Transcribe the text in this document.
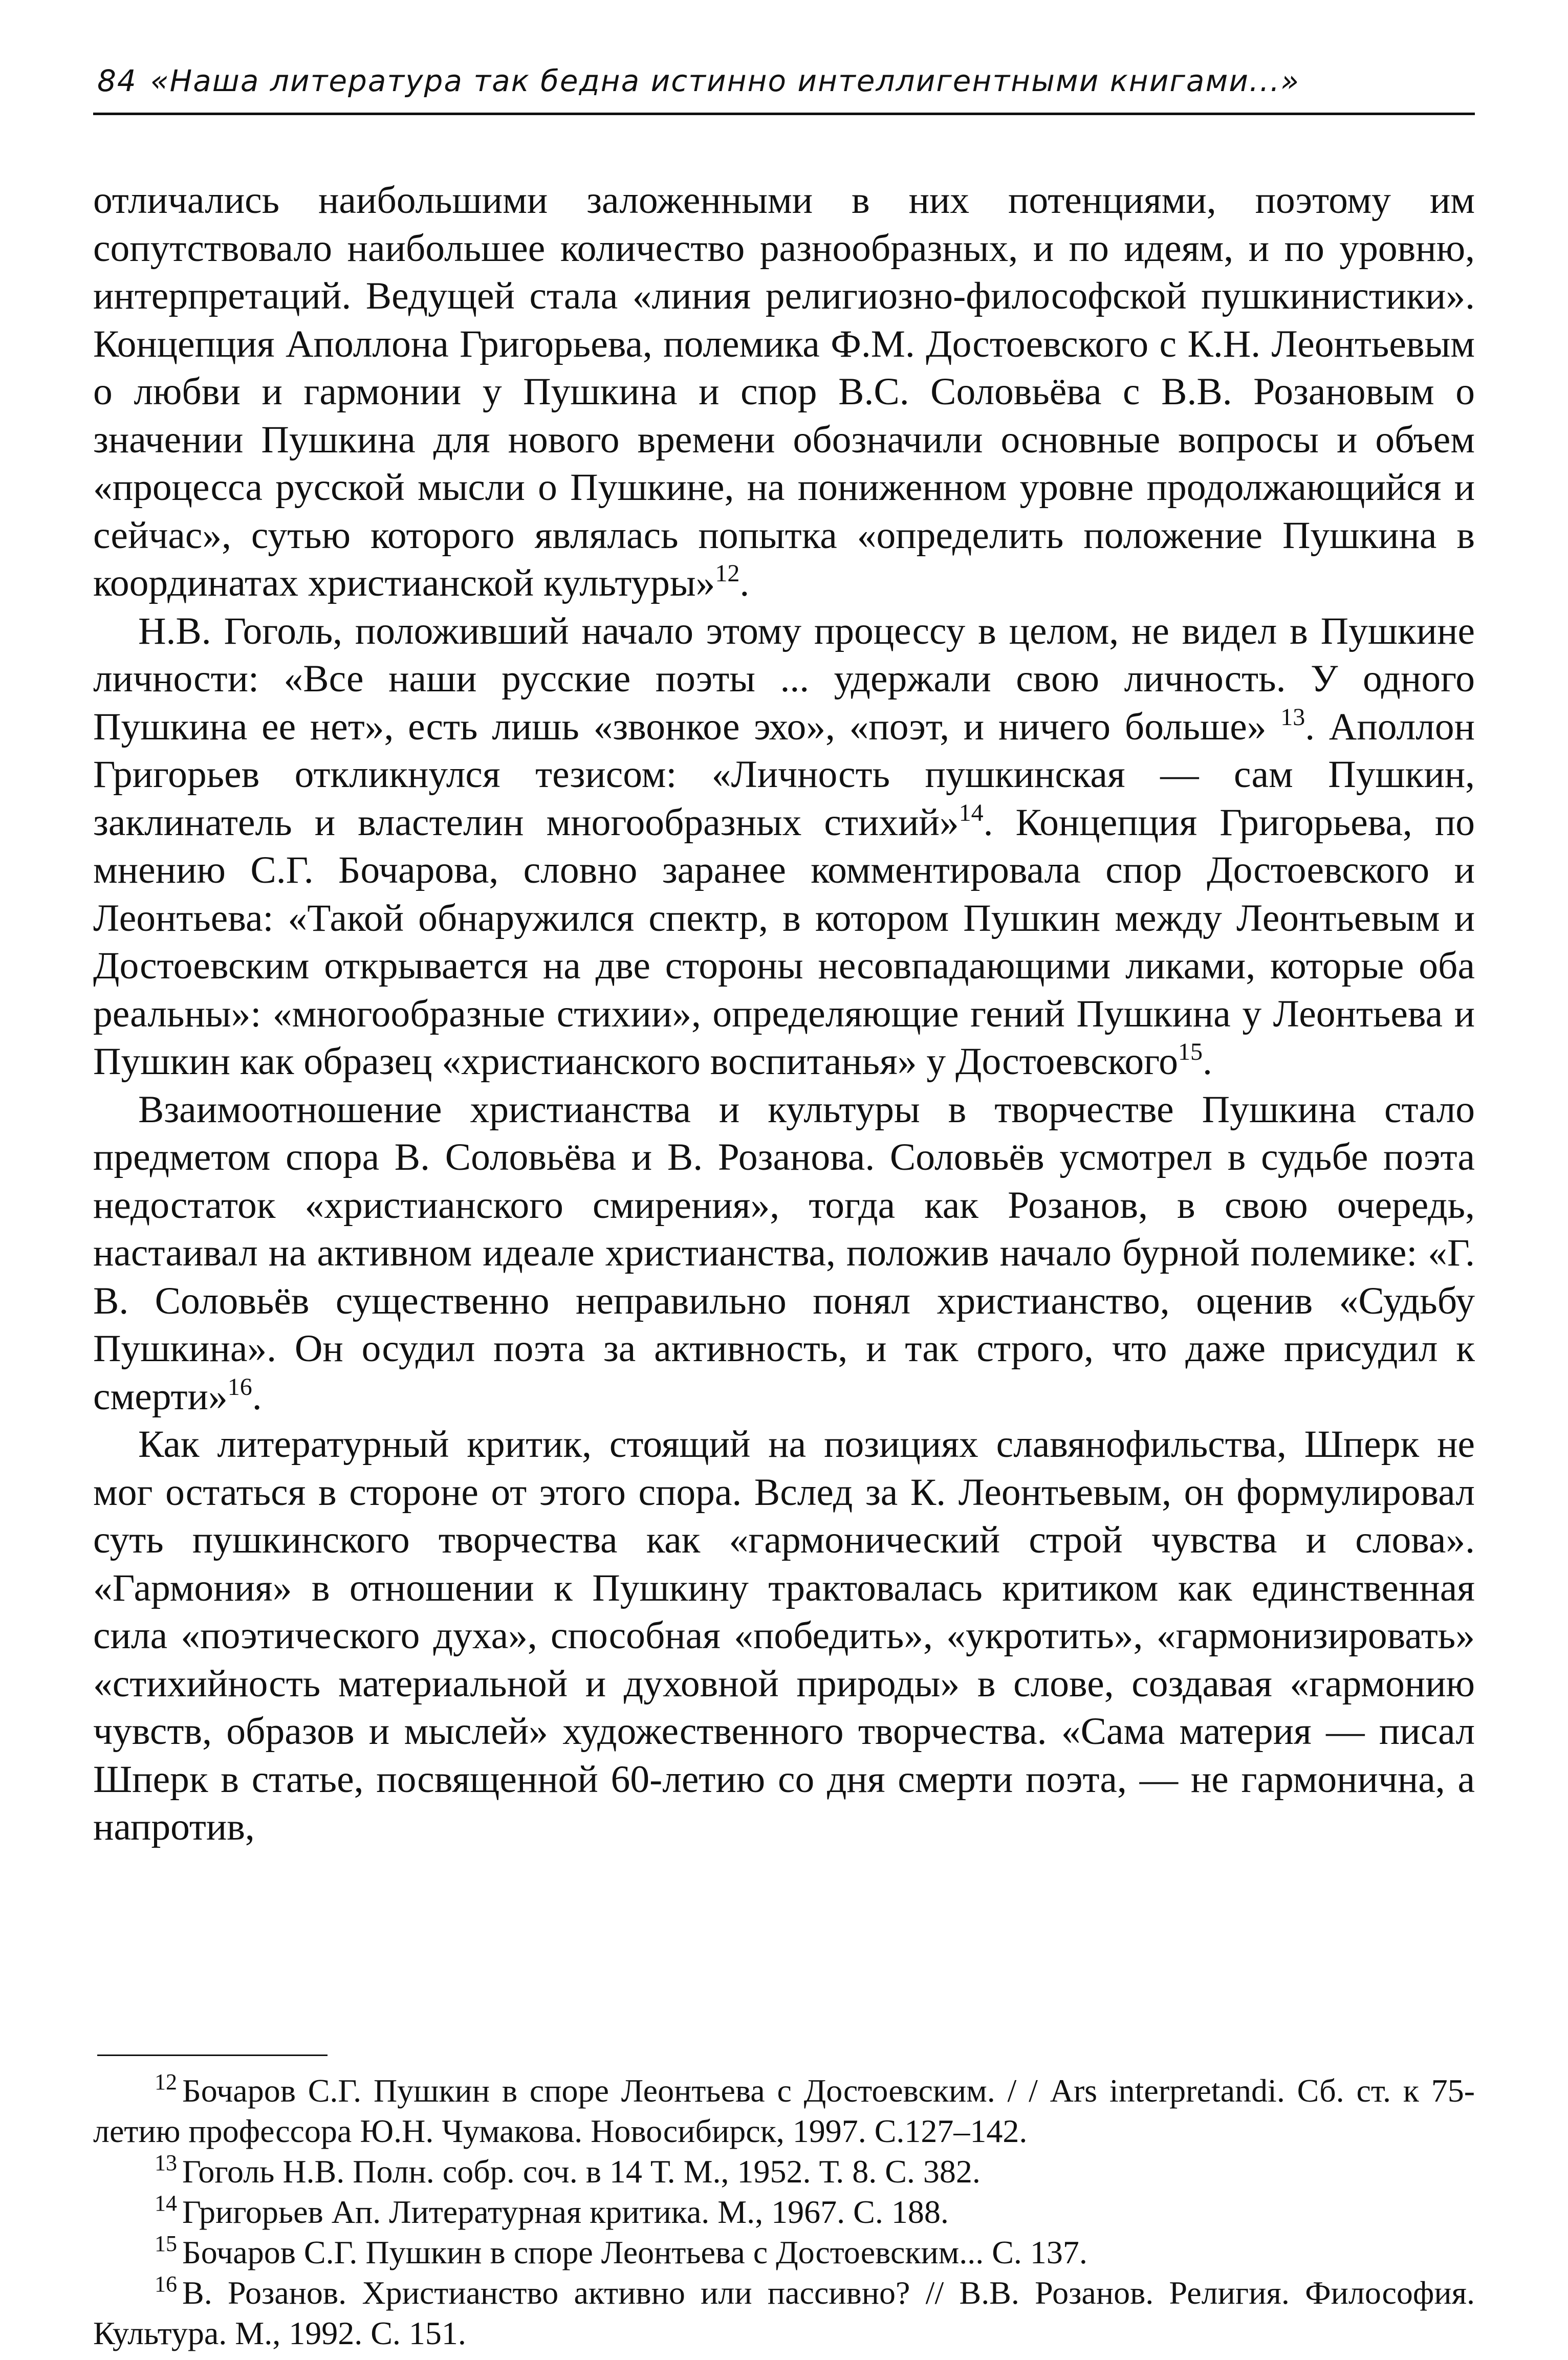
84 «Наша литература так бедна истинно интеллигентными книгами...»

отличались наибольшими заложенными в них потенциями, поэтому им сопутствовало наибольшее количество разнообразных, и по идеям, и по уровню, интерпретаций. Ведущей стала «линия религиозно-философской пушкинистики». Концепция Аполлона Григорьева, полемика Ф.М. Достоевского с К.Н. Леонтьевым о любви и гармонии у Пушкина и спор В.С. Соловьёва с В.В. Розановым о значении Пушкина для нового времени обозначили основные вопросы и объем «процесса русской мысли о Пушкине, на пониженном уровне продолжающийся и сейчас», сутью которого являлась попытка «определить положение Пушкина в координатах христианской культуры»$^{12}$.

Н.В. Гоголь, положивший начало этому процессу в целом, не видел в Пушкине личности: «Все наши русские поэты ... удержали свою личность. У одного Пушкина ее нет», есть лишь «звонкое эхо», «поэт, и ничего больше» $^{13}$. Аполлон Григорьев откликнулся тезисом: «Личность пушкинская — сам Пушкин, заклинатель и властелин многообразных стихий»$^{14}$. Концепция Григорьева, по мнению С.Г. Бочарова, словно заранее комментировала спор Достоевского и Леонтьева: «Такой обнаружился спектр, в котором Пушкин между Леонтьевым и Достоевским открывается на две стороны несовпадающими ликами, которые оба реальны»: «многообразные стихии», определяющие гений Пушкина у Леонтьева и Пушкин как образец «христианского воспитанья» у Достоевского$^{15}$.

Взаимоотношение христианства и культуры в творчестве Пушкина стало предметом спора В. Соловьёва и В. Розанова. Соловьёв усмотрел в судьбе поэта недостаток «христианского смирения», тогда как Розанов, в свою очередь, настаивал на активном идеале христианства, положив начало бурной полемике: «Г. В. Соловьёв существенно неправильно понял христианство, оценив «Судьбу Пушкина». Он осудил поэта за активность, и так строго, что даже присудил к смерти»$^{16}$.

Как литературный критик, стоящий на позициях славянофильства, Шперк не мог остаться в стороне от этого спора. Вслед за К. Леонтьевым, он формулировал суть пушкинского творчества как «гармонический строй чувства и слова». «Гармония» в отношении к Пушкину трактовалась критиком как единственная сила «поэтического духа», способная «победить», «укротить», «гармонизировать» «стихийность материальной и духовной природы» в слове, создавая «гармонию чувств, образов и мыслей» художественного творчества. «Сама материя — писал Шперк в статье, посвященной 60-летию со дня смерти поэта, — не гармонична, а напротив,

$^{12}$ Бочаров С.Г. Пушкин в споре Леонтьева с Достоевским. / / Ars interpretandi. Сб. ст. к 75-летию профессора Ю.Н. Чумакова. Новосибирск, 1997. С.127–142.

$^{13}$ Гоголь Н.В. Полн. собр. соч. в 14 Т. М., 1952. Т. 8. С. 382.

$^{14}$ Григорьев Ап. Литературная критика. М., 1967. С. 188.

$^{15}$ Бочаров С.Г. Пушкин в споре Леонтьева с Достоевским... С. 137.

$^{16}$ В. Розанов. Христианство активно или пассивно? // В.В. Розанов. Религия. Философия. Культура. М., 1992. С. 151.
